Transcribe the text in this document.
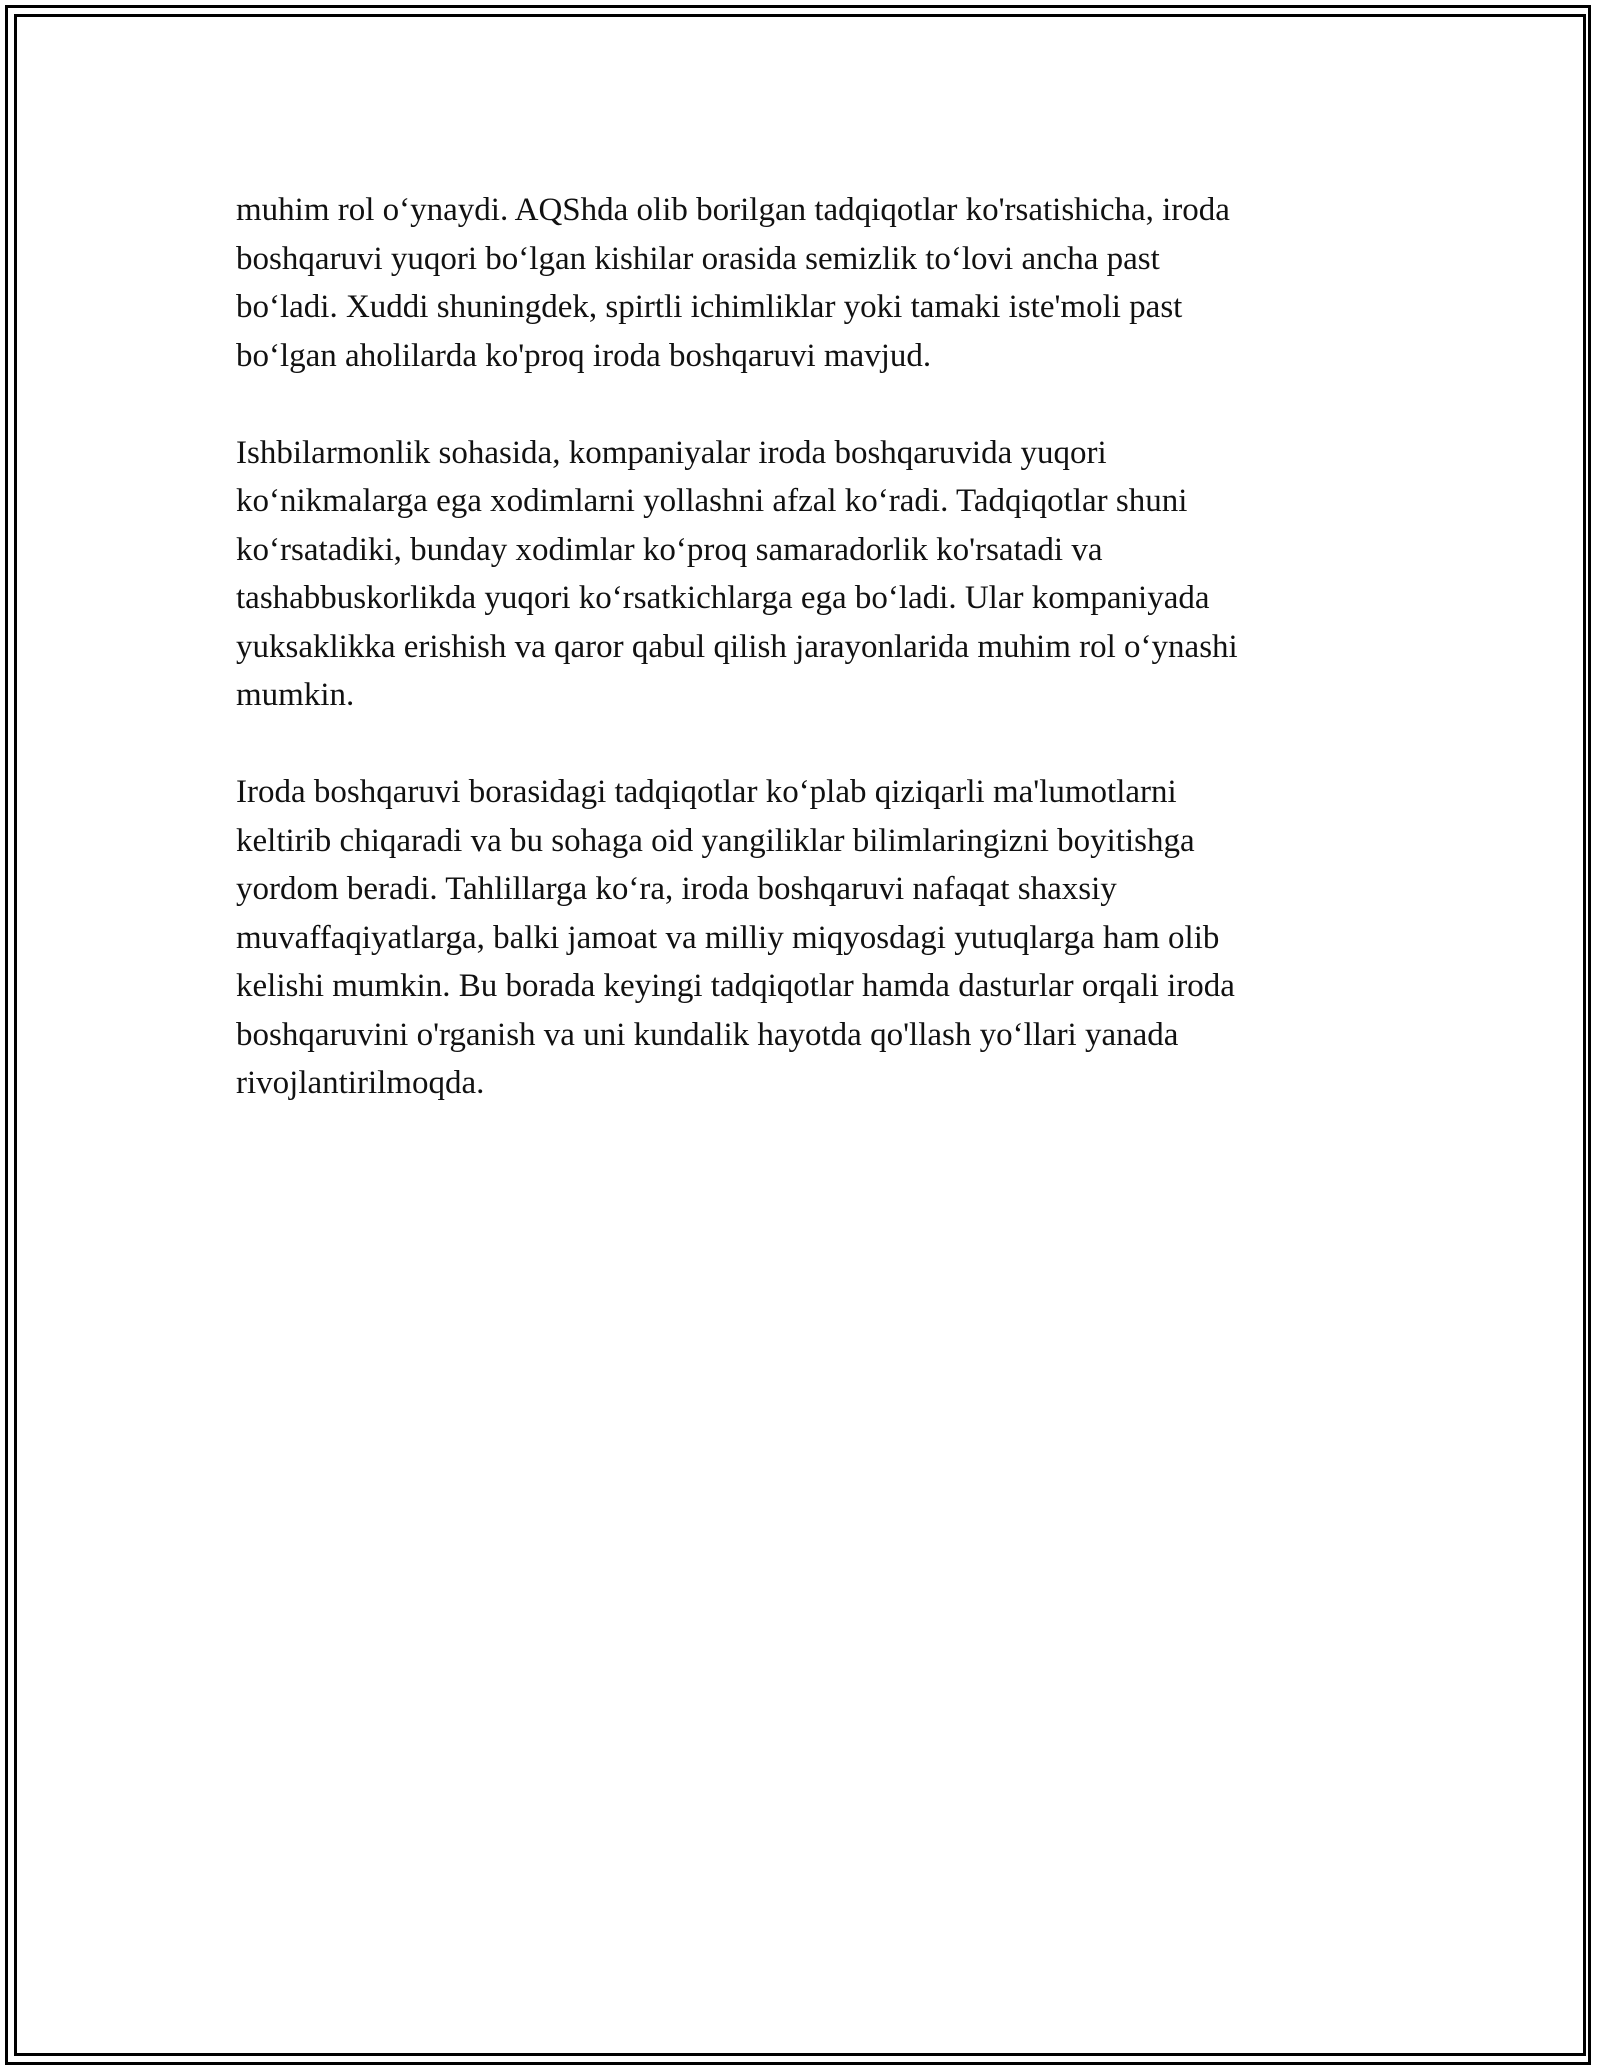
muhim rol o‘ynaydi. AQShda olib borilgan tadqiqotlar ko'rsatishicha, iroda
boshqaruvi yuqori bo‘lgan kishilar orasida semizlik to‘lovi ancha past
bo‘ladi. Xuddi shuningdek, spirtli ichimliklar yoki tamaki iste'moli past
bo‘lgan aholilarda ko'proq iroda boshqaruvi mavjud.

Ishbilarmonlik sohasida, kompaniyalar iroda boshqaruvida yuqori
ko‘nikmalarga ega xodimlarni yollashni afzal ko‘radi. Tadqiqotlar shuni
ko‘rsatadiki, bunday xodimlar ko‘proq samaradorlik ko'rsatadi va
tashabbuskorlikda yuqori ko‘rsatkichlarga ega bo‘ladi. Ular kompaniyada
yuksaklikka erishish va qaror qabul qilish jarayonlarida muhim rol o‘ynashi
mumkin.

Iroda boshqaruvi borasidagi tadqiqotlar ko‘plab qiziqarli ma'lumotlarni
keltirib chiqaradi va bu sohaga oid yangiliklar bilimlaringizni boyitishga
yordom beradi. Tahlillarga ko‘ra, iroda boshqaruvi nafaqat shaxsiy
muvaffaqiyatlarga, balki jamoat va milliy miqyosdagi yutuqlarga ham olib
kelishi mumkin. Bu borada keyingi tadqiqotlar hamda dasturlar orqali iroda
boshqaruvini o'rganish va uni kundalik hayotda qo'llash yo‘llari yanada
rivojlantirilmoqda.
